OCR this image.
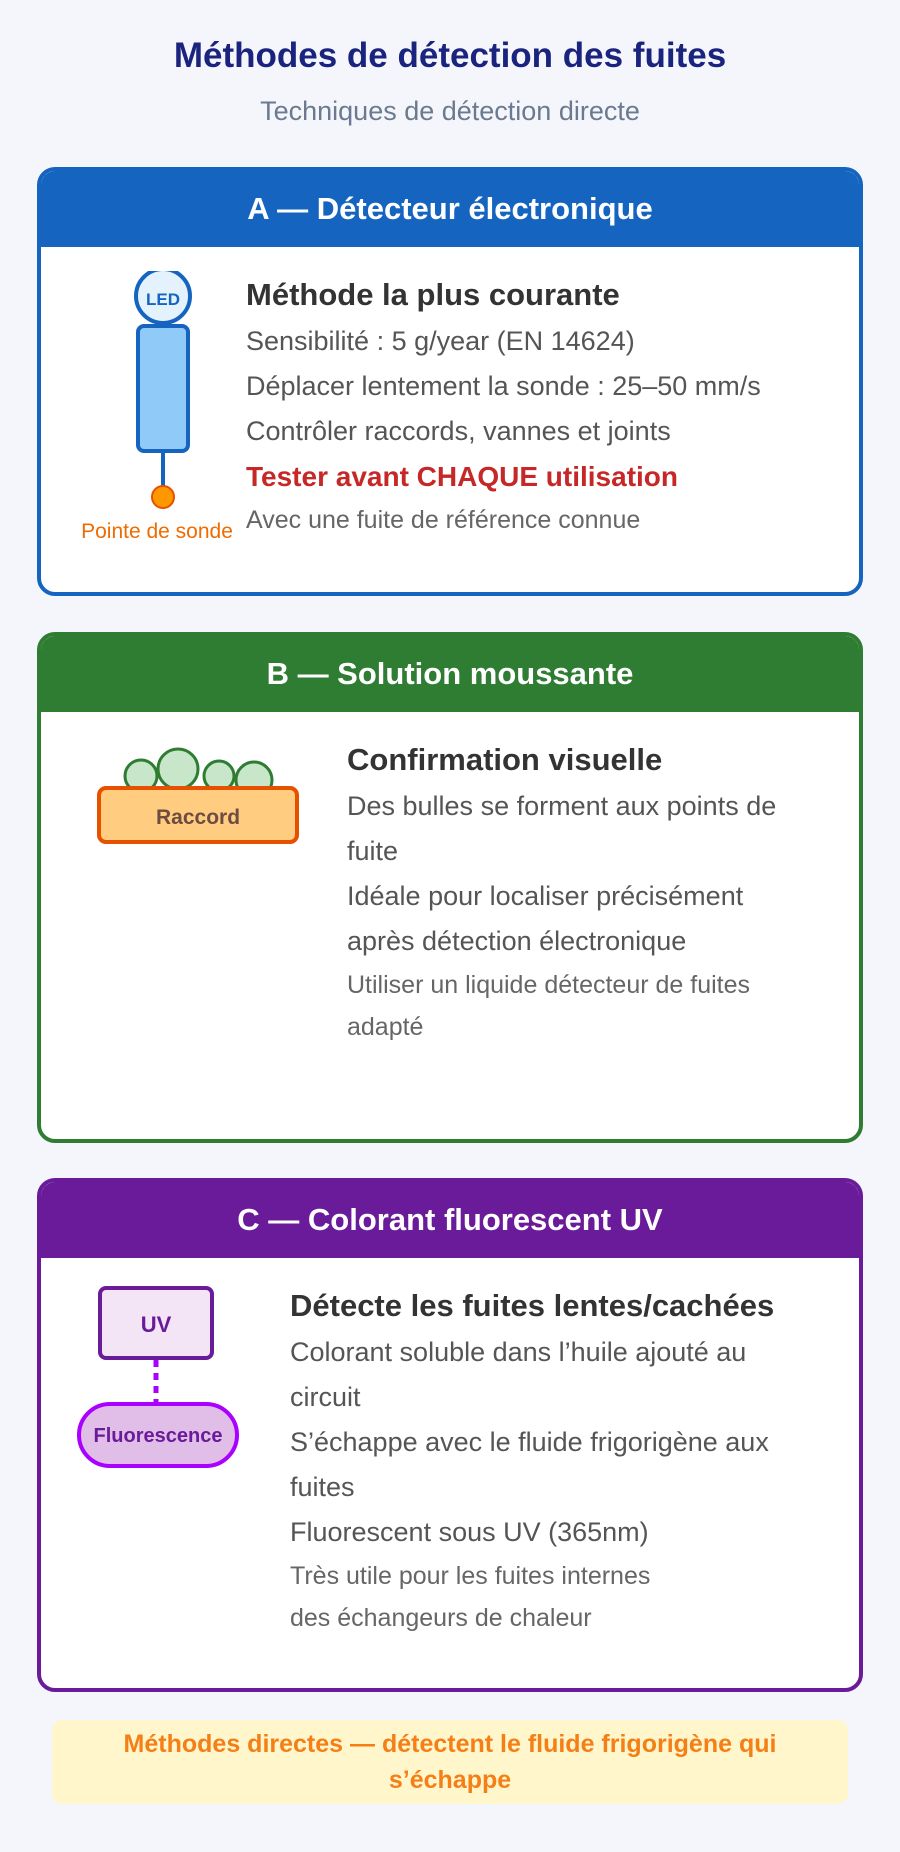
Méthodes de détection des fuites
Techniques de détection directe
A — Détecteur électronique
LED
Pointe de sonde
Méthode la plus courante
Sensibilité : 5 g/year (EN 14624)
Déplacer lentement la sonde : 25–50 mm/s
Contrôler raccords, vannes et joints
Tester avant CHAQUE utilisation
Avec une fuite de référence connue
B — Solution moussante
Raccord
Confirmation visuelle
Des bulles se forment aux points de
fuite
Idéale pour localiser précisément
après détection électronique
Utiliser un liquide détecteur de fuites
adapté
C — Colorant fluorescent UV
UV
Fluorescence
Détecte les fuites lentes/cachées
Colorant soluble dans l’huile ajouté au
circuit
S’échappe avec le fluide frigorigène aux
fuites
Fluorescent sous UV (365nm)
Très utile pour les fuites internes
des échangeurs de chaleur
Méthodes directes — détectent le fluide frigorigène qui s’échappe
